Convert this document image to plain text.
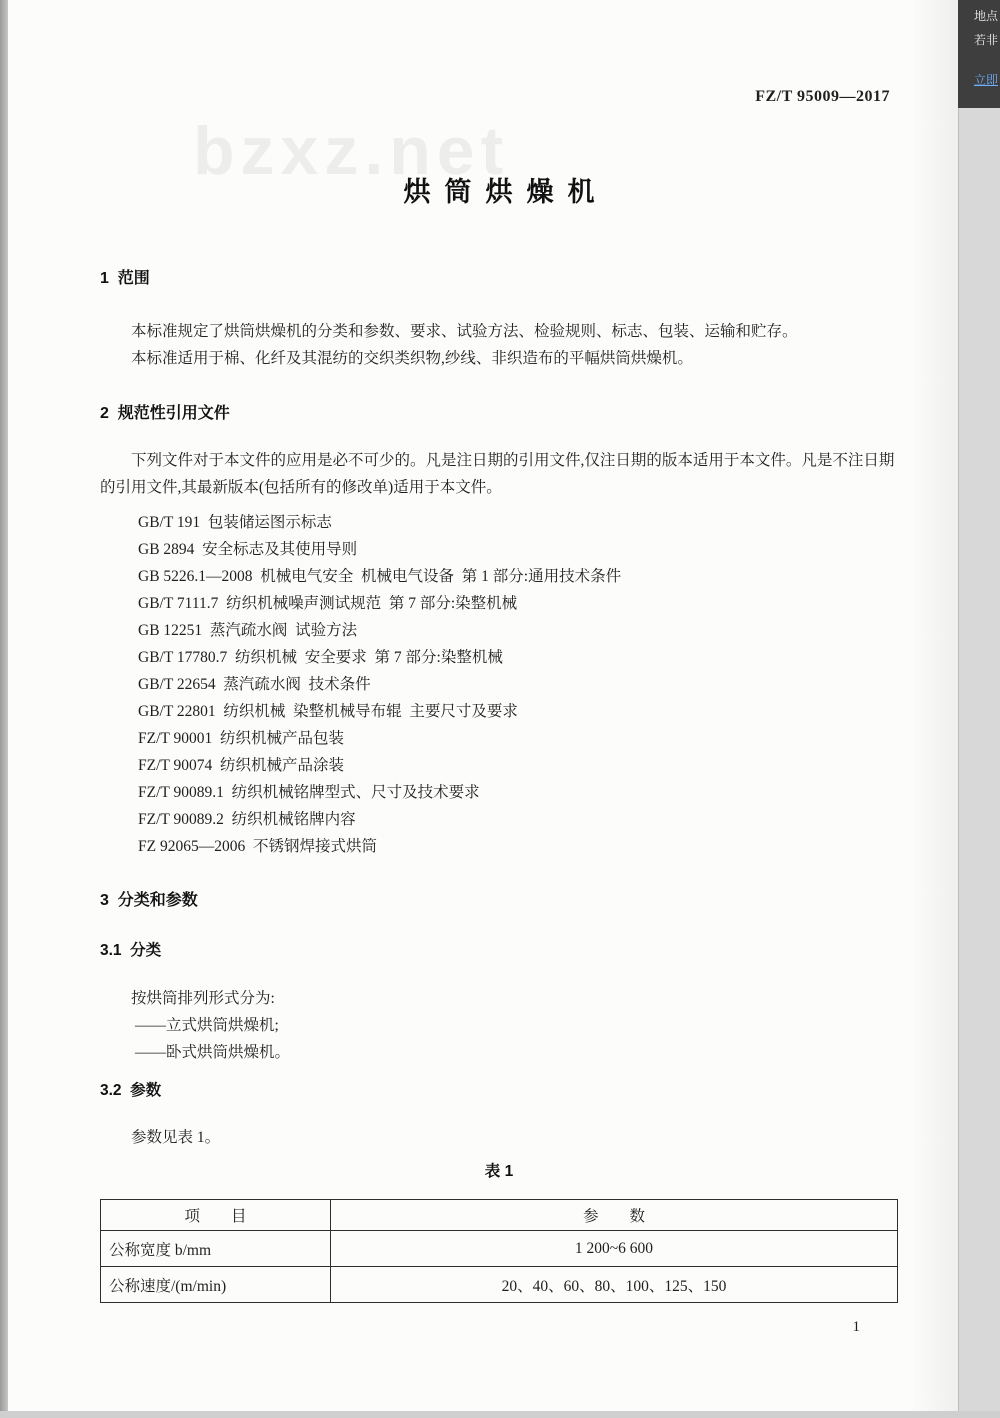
地点
若非
立即
bzxz.net
FZ/T 95009—2017
烘筒烘燥机
1  范围

本标准规定了烘筒烘燥机的分类和参数、要求、试验方法、检验规则、标志、包装、运输和贮存。

本标准适用于棉、化纤及其混纺的交织类织物,纱线、非织造布的平幅烘筒烘燥机。

2  规范性引用文件

下列文件对于本文件的应用是必不可少的。凡是注日期的引用文件,仅注日期的版本适用于本文件。凡是不注日期的引用文件,其最新版本(包括所有的修改单)适用于本文件。

GB/T 191  包装储运图示标志
GB 2894  安全标志及其使用导则
GB 5226.1—2008  机械电气安全  机械电气设备  第 1 部分:通用技术条件
GB/T 7111.7  纺织机械噪声测试规范  第 7 部分:染整机械
GB 12251  蒸汽疏水阀  试验方法
GB/T 17780.7  纺织机械  安全要求  第 7 部分:染整机械
GB/T 22654  蒸汽疏水阀  技术条件
GB/T 22801  纺织机械  染整机械导布辊  主要尺寸及要求
FZ/T 90001  纺织机械产品包装
FZ/T 90074  纺织机械产品涂装
FZ/T 90089.1  纺织机械铭牌型式、尺寸及技术要求
FZ/T 90089.2  纺织机械铭牌内容
FZ 92065—2006  不锈钢焊接式烘筒
3  分类和参数
3.1  分类

按烘筒排列形式分为:

——立式烘筒烘燥机;
——卧式烘筒烘燥机。
3.2  参数

参数见表 1。

表 1
项　　目	参　　数
公称宽度 b/mm	1 200~6 600
公称速度/(m/min)	20、40、60、80、100、125、150
1
